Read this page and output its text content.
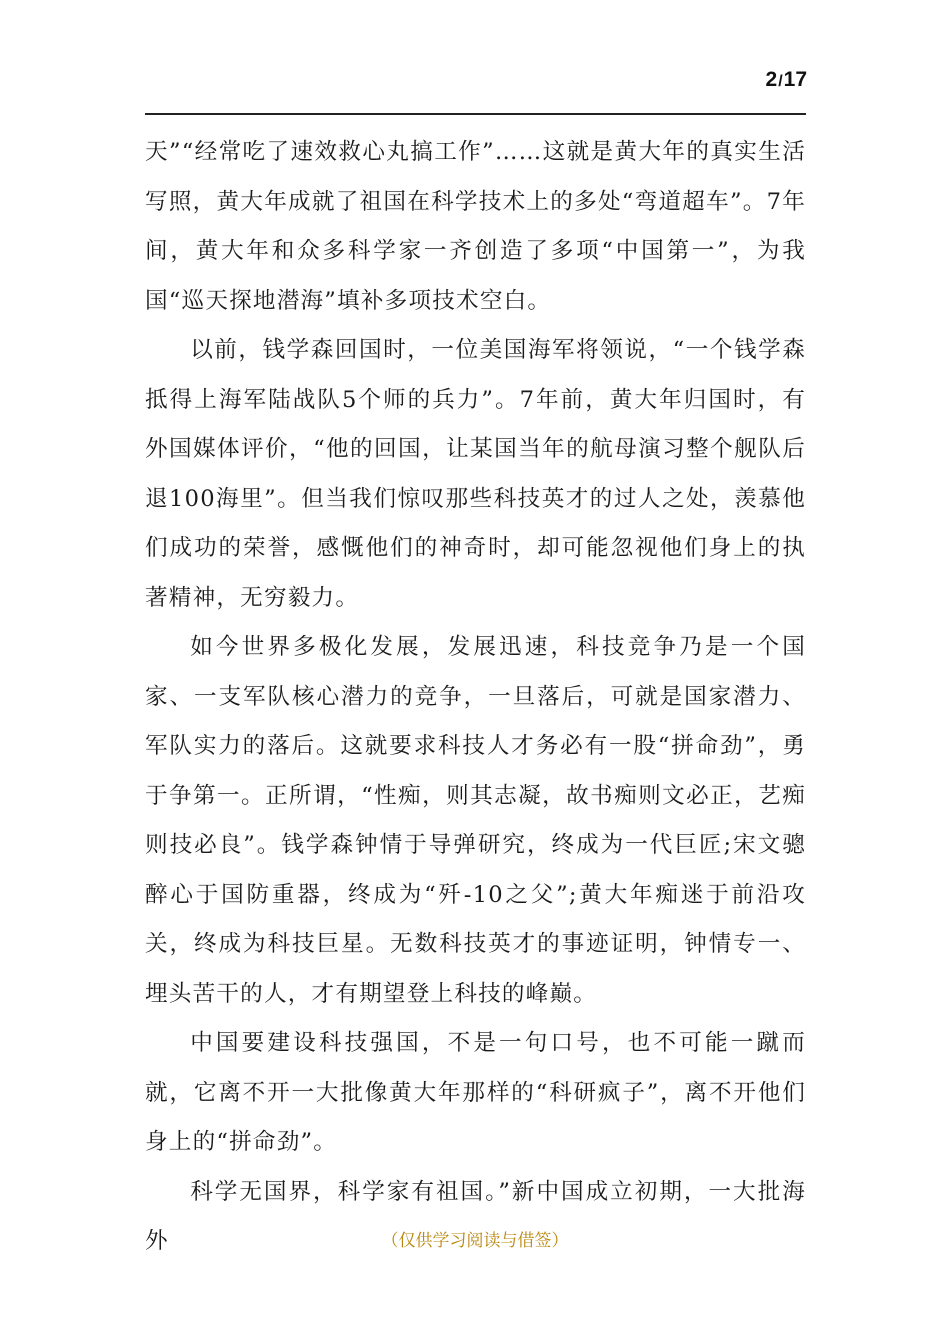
2/17

天”“经常吃了速效救心丸搞工作”……这就是黄大年的真实生活写照，黄大年成就了祖国在科学技术上的多处“弯道超车”。7年间，黄大年和众多科学家一齐创造了多项“中国第一”，为我国“巡天探地潜海”填补多项技术空白。

以前，钱学森回国时，一位美国海军将领说，“一个钱学森抵得上海军陆战队5个师的兵力”。7年前，黄大年归国时，有外国媒体评价，“他的回国，让某国当年的航母演习整个舰队后退100海里”。但当我们惊叹那些科技英才的过人之处，羡慕他们成功的荣誉，感慨他们的神奇时，却可能忽视他们身上的执著精神，无穷毅力。

如今世界多极化发展，发展迅速，科技竞争乃是一个国家、一支军队核心潜力的竞争，一旦落后，可就是国家潜力、军队实力的落后。这就要求科技人才务必有一股“拼命劲”，勇于争第一。正所谓，“性痴，则其志凝，故书痴则文必正，艺痴则技必良”。钱学森钟情于导弹研究，终成为一代巨匠;宋文骢醉心于国防重器，终成为“歼-10之父”;黄大年痴迷于前沿攻关，终成为科技巨星。无数科技英才的事迹证明，钟情专一、埋头苦干的人，才有期望登上科技的峰巅。

中国要建设科技强国，不是一句口号，也不可能一蹴而就，它离不开一大批像黄大年那样的“科研疯子”，离不开他们身上的“拼命劲”。

科学无国界，科学家有祖国。”新中国成立初期，一大批海外	（仅供学习阅读与借签）
